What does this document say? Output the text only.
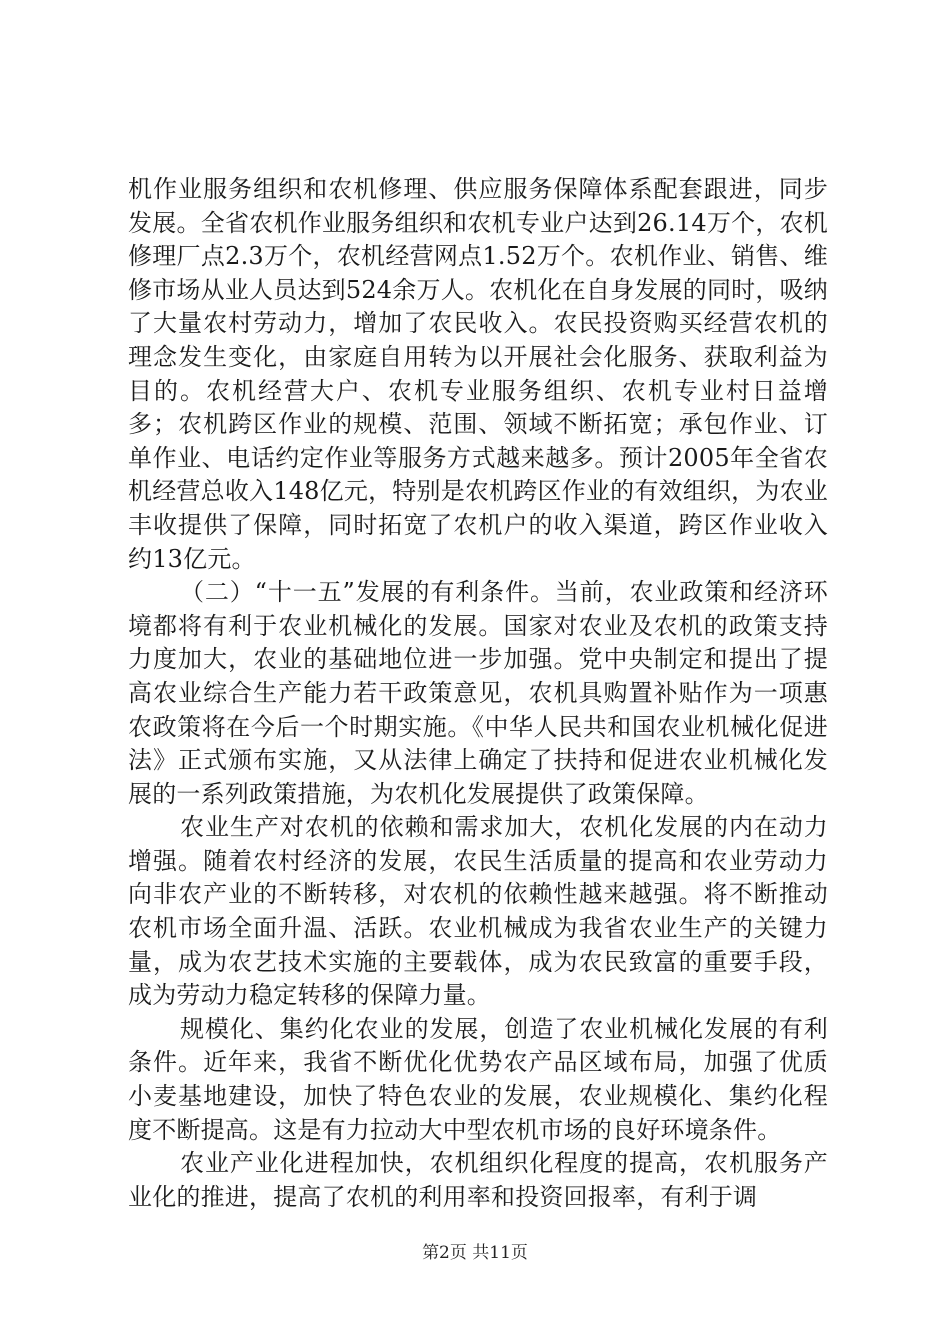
机作业服务组织和农机修理、供应服务保障体系配套跟进，同步发展。全省农机作业服务组织和农机专业户达到26.14万个，农机修理厂点2.3万个，农机经营网点1.52万个。农机作业、销售、维修市场从业人员达到524余万人。农机化在自身发展的同时，吸纳了大量农村劳动力，增加了农民收入。农民投资购买经营农机的理念发生变化，由家庭自用转为以开展社会化服务、获取利益为目的。农机经营大户、农机专业服务组织、农机专业村日益增多；农机跨区作业的规模、范围、领域不断拓宽；承包作业、订单作业、电话约定作业等服务方式越来越多。预计2005年全省农机经营总收入148亿元，特别是农机跨区作业的有效组织，为农业丰收提供了保障，同时拓宽了农机户的收入渠道，跨区作业收入约13亿元。

（二）“十一五”发展的有利条件。当前，农业政策和经济环境都将有利于农业机械化的发展。国家对农业及农机的政策支持力度加大，农业的基础地位进一步加强。党中央制定和提出了提高农业综合生产能力若干政策意见，农机具购置补贴作为一项惠农政策将在今后一个时期实施。《中华人民共和国农业机械化促进法》正式颁布实施，又从法律上确定了扶持和促进农业机械化发展的一系列政策措施，为农机化发展提供了政策保障。

农业生产对农机的依赖和需求加大，农机化发展的内在动力增强。随着农村经济的发展，农民生活质量的提高和农业劳动力向非农产业的不断转移，对农机的依赖性越来越强。将不断推动农机市场全面升温、活跃。农业机械成为我省农业生产的关键力量，成为农艺技术实施的主要载体，成为农民致富的重要手段，成为劳动力稳定转移的保障力量。

规模化、集约化农业的发展，创造了农业机械化发展的有利条件。近年来，我省不断优化优势农产品区域布局，加强了优质小麦基地建设，加快了特色农业的发展，农业规模化、集约化程度不断提高。这是有力拉动大中型农机市场的良好环境条件。

农业产业化进程加快，农机组织化程度的提高，农机服务产业化的推进，提高了农机的利用率和投资回报率，有利于调

第2页 共11页
